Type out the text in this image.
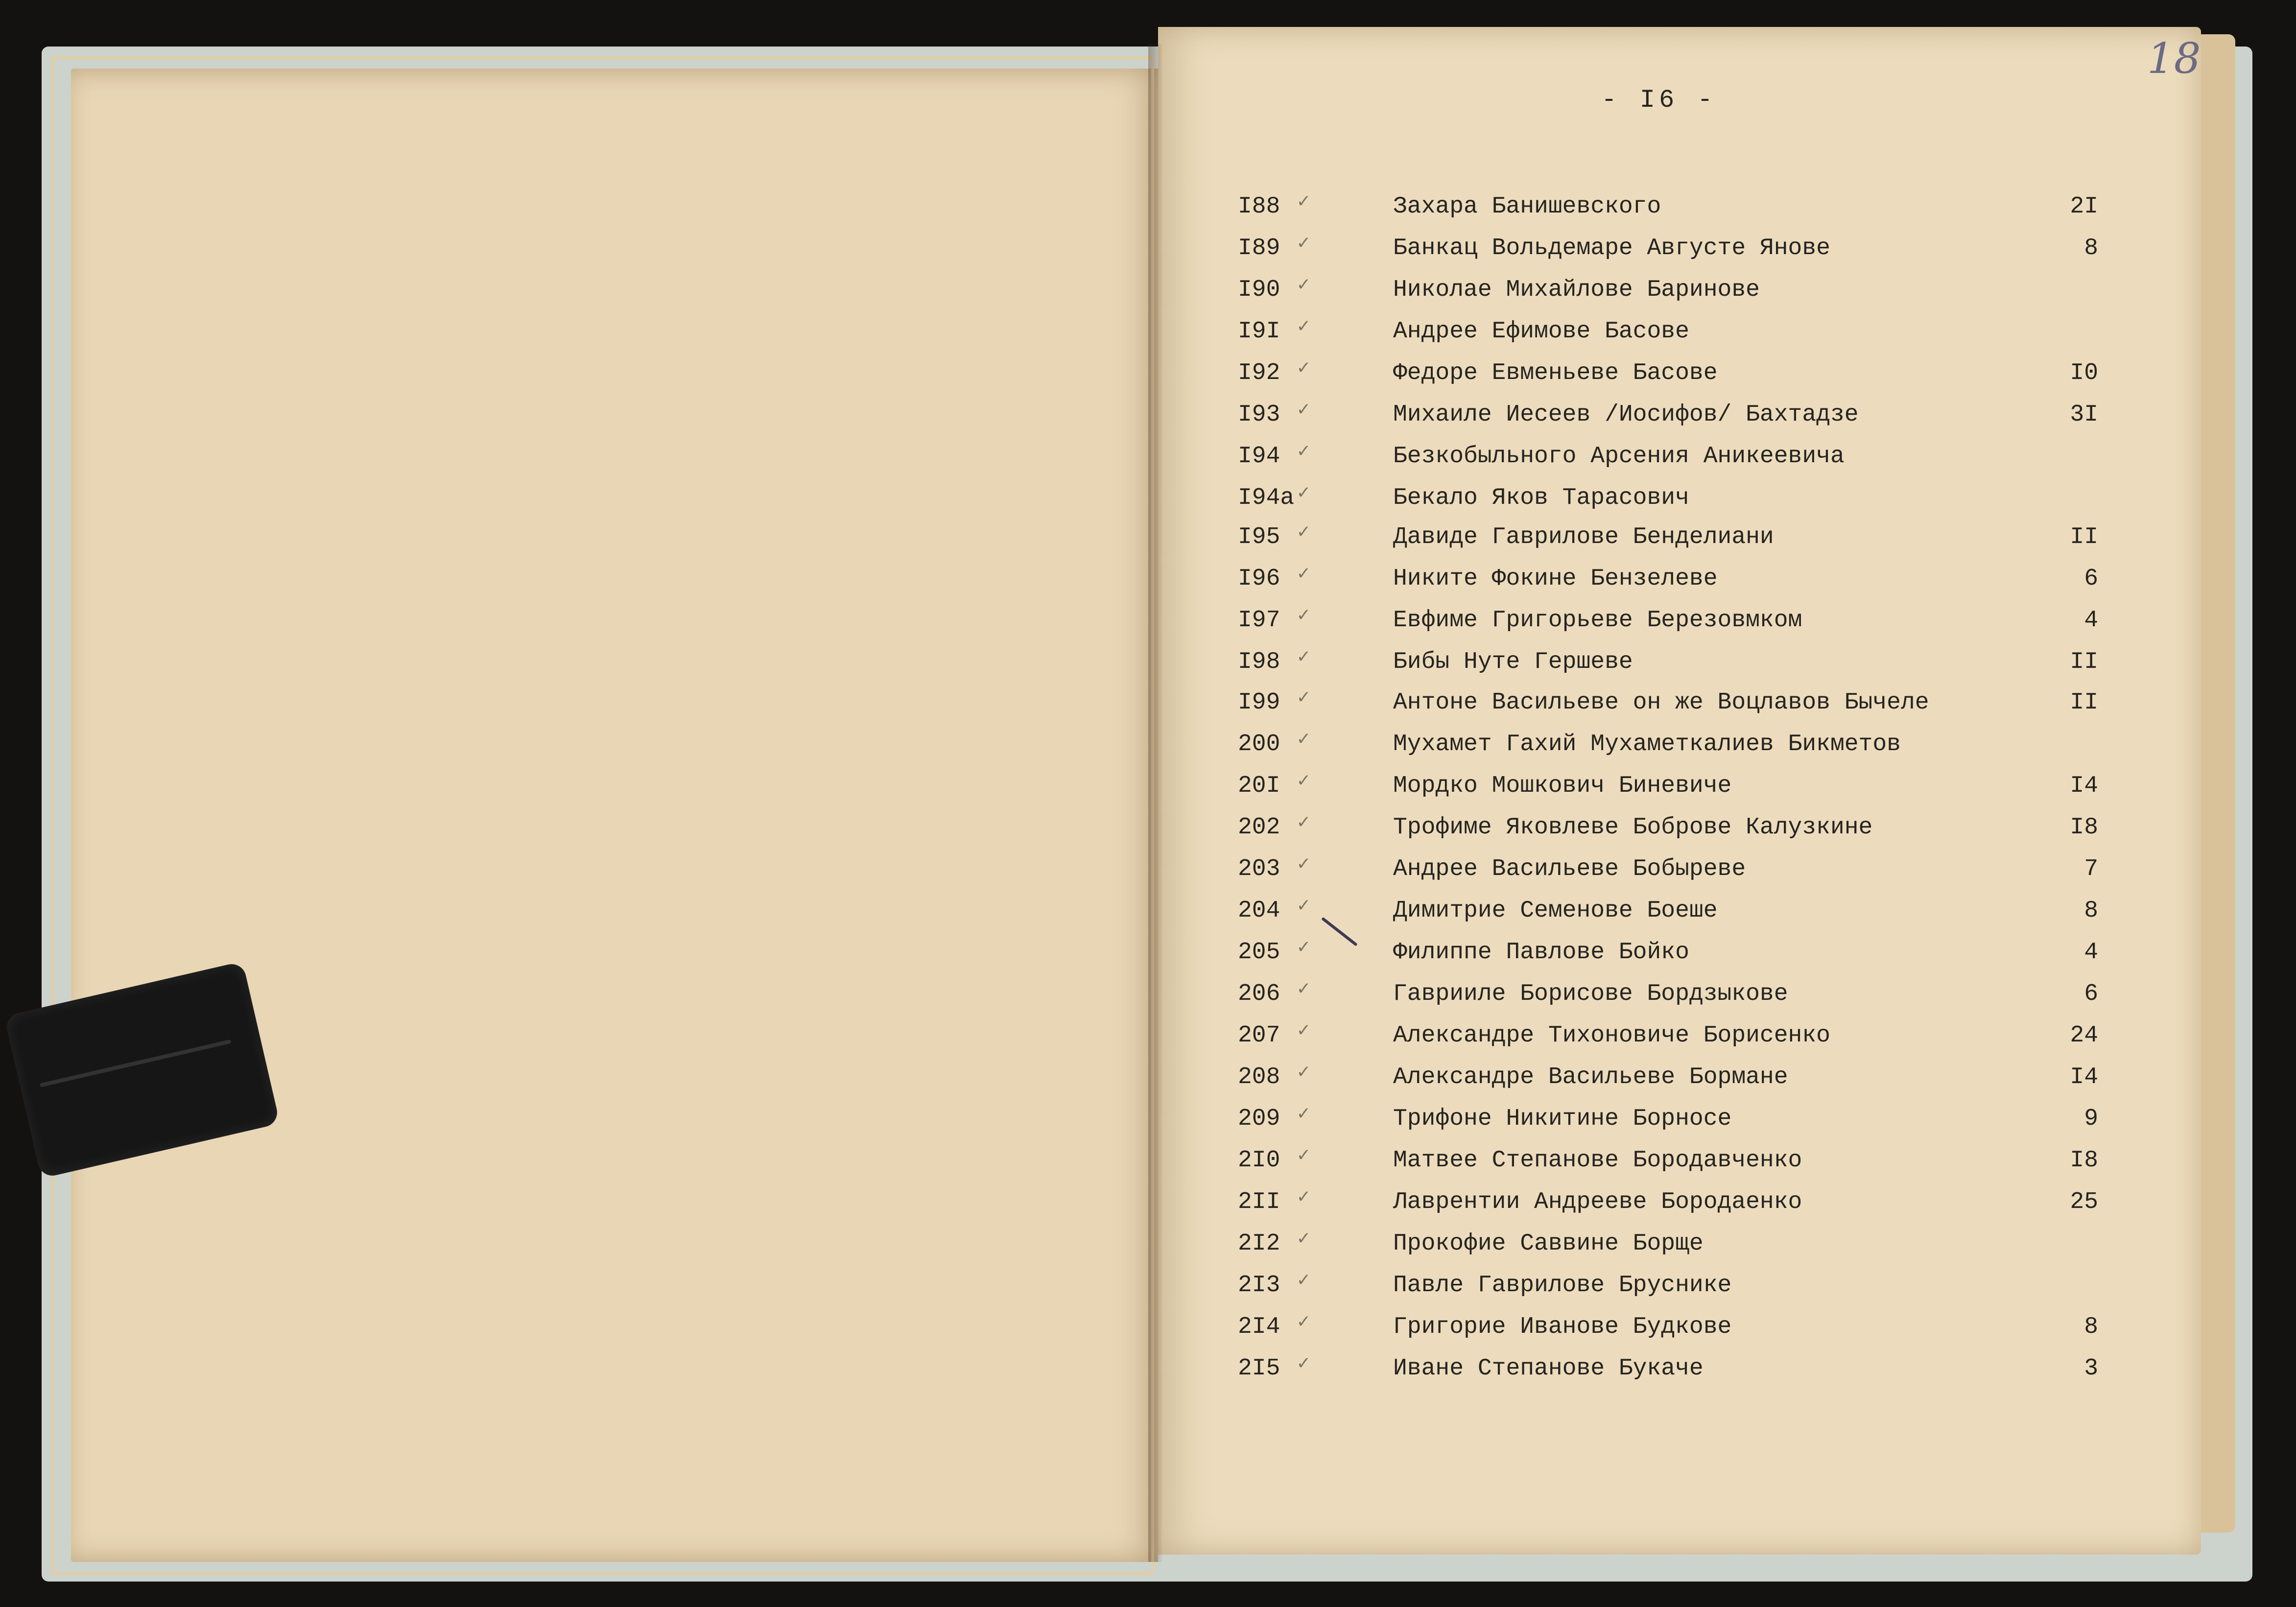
- I6 -
18
I88 ✓	Захара Банишевского	2I
I89 ✓	Банкац Вольдемаре Августе Янове	8
I90 ✓	Николае Михайлове Баринове
I9I ✓	Андрее Ефимове Басове
I92 ✓	Федоре Евменьеве Басове	I0
I93 ✓	Михаиле Иесеев /Иосифов/ Бахтадзе	3I
I94 ✓	Безкобыльного Арсения Аникеевича
I94а ✓	Бекало Яков Тарасович
I95 ✓	Давиде Гаврилове Бенделиани	II
I96 ✓	Никите Фокине Бензелеве	6
I97 ✓	Евфиме Григорьеве Березовмком	4
I98 ✓	Бибы Нуте Гершеве	II
I99 ✓	Антоне Васильеве он же Воцлавов Бычеле	II
200 ✓	Мухамет Гахий Мухаметкалиев Бикметов
20I ✓	Мордко Мошкович Биневиче	I4
202 ✓	Трофиме Яковлеве Боброве Калузкине	I8
203 ✓	Андрее Васильеве Бобыреве	7
204 ✓	Димитрие Семенове Боеше	8
205 ✓	Филиппе Павлове Бойко	4
206 ✓	Гавриилe Борисове Бордзыкове	6
207 ✓	Александре Тихоновиче Борисенко	24
208 ✓	Александре Васильеве Бормане	I4
209 ✓	Трифоне Никитине Борносе	9
2I0 ✓	Матвее Степанове Бородавченко	I8
2II ✓	Лаврентии Андрееве Бородаенко	25
2I2 ✓	Прокофие Саввине Борще
2I3 ✓	Павле Гаврилове Бруснике
2I4 ✓	Григорие Иванове Будкове	8
2I5 ✓	Иване Степанове Букаче	3
